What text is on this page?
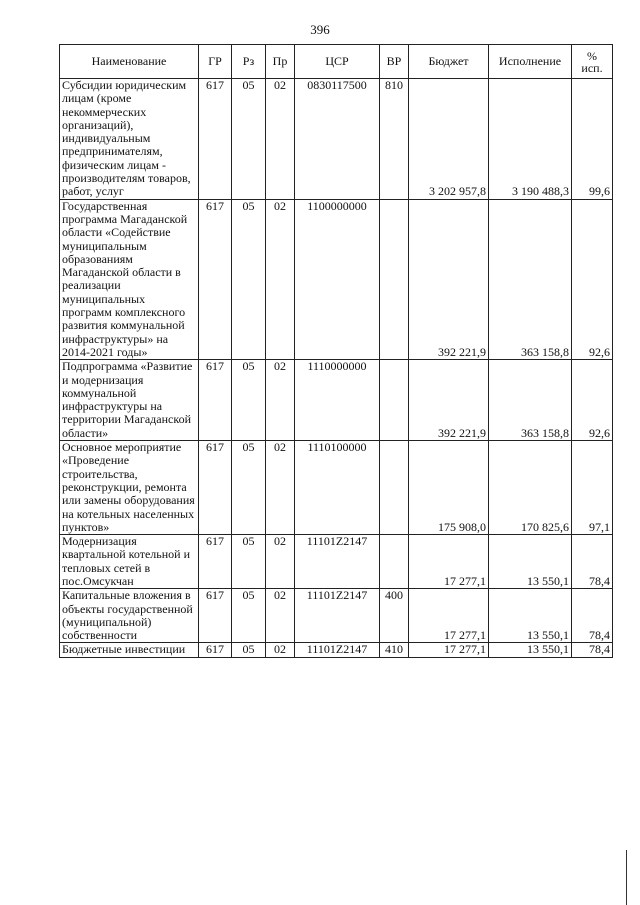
396
Наименование	ГР	Рз	Пр	ЦСР	ВР	Бюджет	Исполнение	%
исп.
Субсидии юридическим лицам (кроме некоммерческих организаций), индивидуальным предпринимателям, физическим лицам - производителям товаров, работ, услуг	617	05	02	0830117500	810	3 202 957,8	3 190 488,3	99,6
Государственная программа Магаданской области «Содействие муниципальным образованиям Магаданской области в реализации муниципальных программ комплексного развития коммунальной инфраструктуры» на 2014-2021 годы»	617	05	02	1100000000		392 221,9	363 158,8	92,6
Подпрограмма «Развитие и модернизация коммунальной инфраструктуры на территории Магаданской области»	617	05	02	1110000000		392 221,9	363 158,8	92,6
Основное мероприятие «Проведение строительства, реконструкции, ремонта или замены оборудования на котельных населенных пунктов»	617	05	02	1110100000		175 908,0	170 825,6	97,1
Модернизация квартальной котельной и тепловых сетей в пос.Омсукчан	617	05	02	11101Z2147		17 277,1	13 550,1	78,4
Капитальные вложения в объекты государственной (муниципальной) собственности	617	05	02	11101Z2147	400	17 277,1	13 550,1	78,4
Бюджетные инвестиции	617	05	02	11101Z2147	410	17 277,1	13 550,1	78,4
